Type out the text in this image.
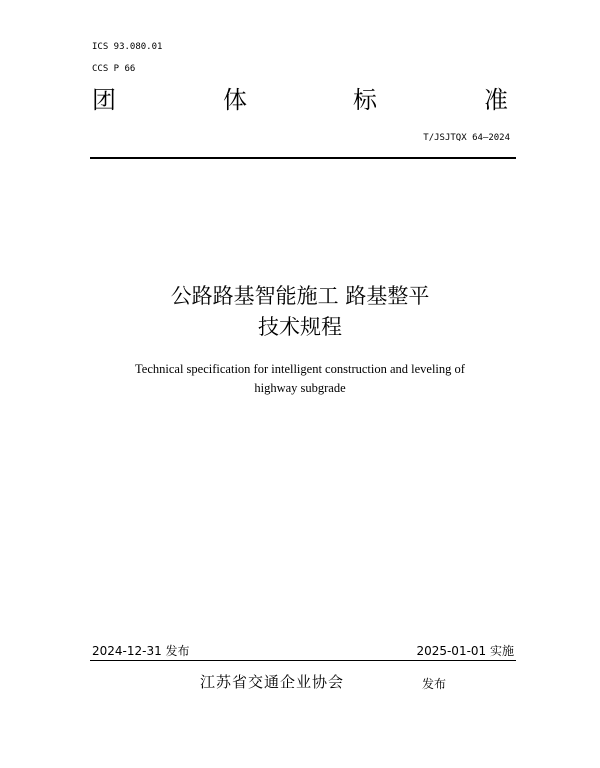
ICS 93.080.01
CCS P 66
团	体	标	准
T/JSJTQX 64—2024
公路路基智能施工 路基整平
技术规程
Technical specification for intelligent construction and leveling of
highway subgrade
2024-12-31 发布	2025-01-01 实施
江苏省交通企业协会	发布
